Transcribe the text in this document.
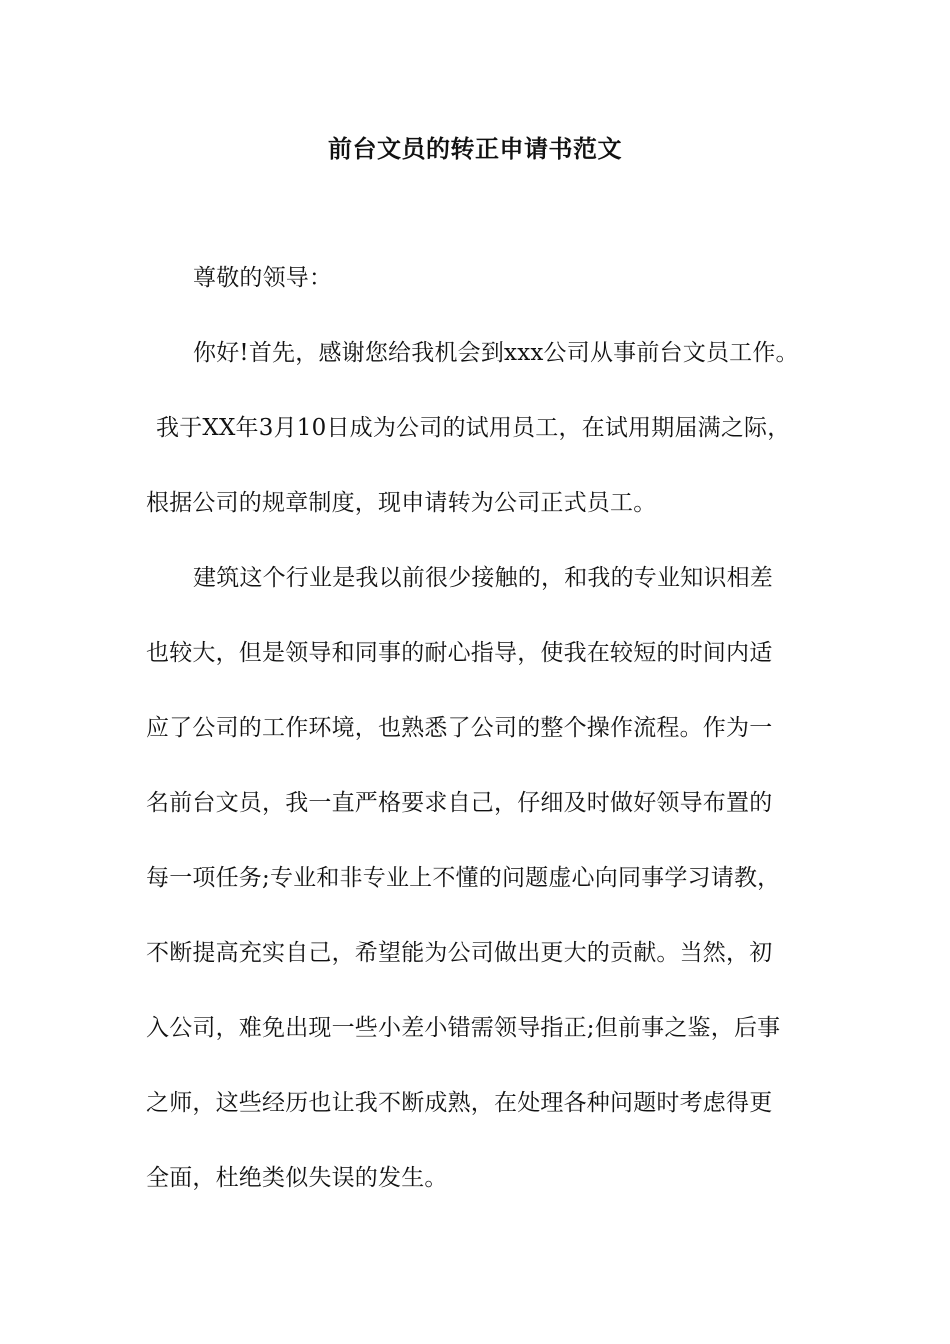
前台文员的转正申请书范文
尊敬的领导：
你好!首先，感谢您给我机会到xxx公司从事前台文员工作。
我于XX年3月10日成为公司的试用员工，在试用期届满之际，
根据公司的规章制度，现申请转为公司正式员工。
建筑这个行业是我以前很少接触的，和我的专业知识相差
也较大，但是领导和同事的耐心指导，使我在较短的时间内适
应了公司的工作环境，也熟悉了公司的整个操作流程。作为一
名前台文员，我一直严格要求自己，仔细及时做好领导布置的
每一项任务;专业和非专业上不懂的问题虚心向同事学习请教，
不断提高充实自己，希望能为公司做出更大的贡献。当然，初
入公司，难免出现一些小差小错需领导指正;但前事之鉴，后事
之师，这些经历也让我不断成熟，在处理各种问题时考虑得更
全面，杜绝类似失误的发生。
